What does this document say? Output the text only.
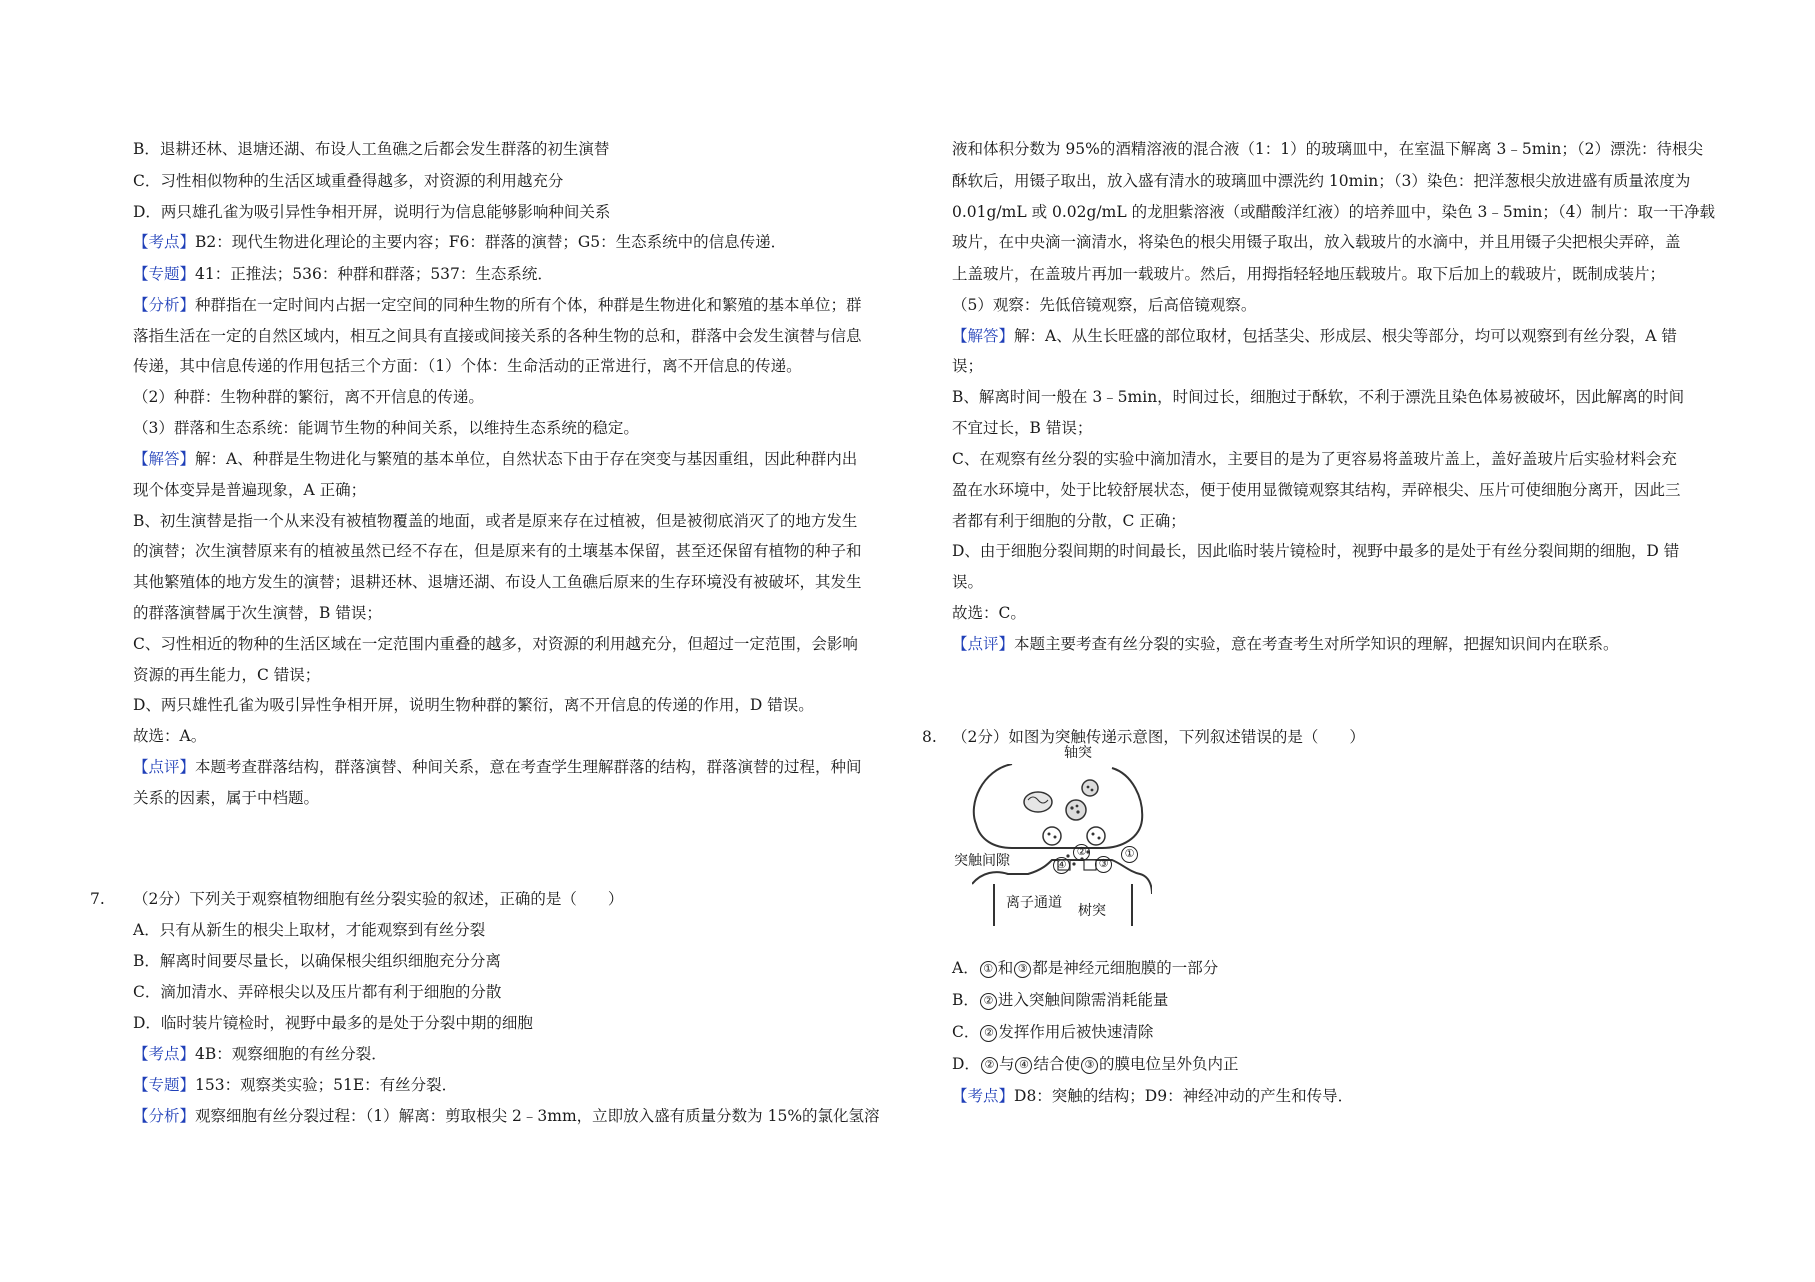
B．退耕还林、退塘还湖、布设人工鱼礁之后都会发生群落的初生演替
C．习性相似物种的生活区域重叠得越多，对资源的利用越充分
D．两只雄孔雀为吸引异性争相开屏，说明行为信息能够影响种间关系
【考点】B2：现代生物进化理论的主要内容；F6：群落的演替；G5：生态系统中的信息传递．
【专题】41：正推法；536：种群和群落；537：生态系统．
【分析】种群指在一定时间内占据一定空间的同种生物的所有个体，种群是生物进化和繁殖的基本单位；群
落指生活在一定的自然区域内，相互之间具有直接或间接关系的各种生物的总和，群落中会发生演替与信息
传递，其中信息传递的作用包括三个方面：（1）个体：生命活动的正常进行，离不开信息的传递。
（2）种群：生物种群的繁衍，离不开信息的传递。
（3）群落和生态系统：能调节生物的种间关系，以维持生态系统的稳定。
【解答】解：A、种群是生物进化与繁殖的基本单位，自然状态下由于存在突变与基因重组，因此种群内出
现个体变异是普遍现象，A 正确；
B、初生演替是指一个从来没有被植物覆盖的地面，或者是原来存在过植被，但是被彻底消灭了的地方发生
的演替；次生演替原来有的植被虽然已经不存在，但是原来有的土壤基本保留，甚至还保留有植物的种子和
其他繁殖体的地方发生的演替；退耕还林、退塘还湖、布设人工鱼礁后原来的生存环境没有被破坏，其发生
的群落演替属于次生演替，B 错误；
C、习性相近的物种的生活区域在一定范围内重叠的越多，对资源的利用越充分，但超过一定范围，会影响
资源的再生能力，C 错误；
D、两只雄性孔雀为吸引异性争相开屏，说明生物种群的繁衍，离不开信息的传递的作用，D 错误。
故选：A。
【点评】本题考查群落结构，群落演替、种间关系，意在考查学生理解群落的结构，群落演替的过程，种间
关系的因素，属于中档题。
7. （2分）下列关于观察植物细胞有丝分裂实验的叙述，正确的是（　　）
A．只有从新生的根尖上取材，才能观察到有丝分裂
B．解离时间要尽量长，以确保根尖组织细胞充分分离
C．滴加清水、弄碎根尖以及压片都有利于细胞的分散
D．临时装片镜检时，视野中最多的是处于分裂中期的细胞
【考点】4B：观察细胞的有丝分裂．
【专题】153：观察类实验；51E：有丝分裂．
【分析】观察细胞有丝分裂过程：（1）解离：剪取根尖 2﹣3mm，立即放入盛有质量分数为 15%的氯化氢溶
液和体积分数为 95%的酒精溶液的混合液（1：1）的玻璃皿中，在室温下解离 3﹣5min；（2）漂洗：待根尖
酥软后，用镊子取出，放入盛有清水的玻璃皿中漂洗约 10min；（3）染色：把洋葱根尖放进盛有质量浓度为
0.01g/mL 或 0.02g/mL 的龙胆紫溶液（或醋酸洋红液）的培养皿中，染色 3﹣5min；（4）制片：取一干净载
玻片，在中央滴一滴清水，将染色的根尖用镊子取出，放入载玻片的水滴中，并且用镊子尖把根尖弄碎，盖
上盖玻片，在盖玻片再加一载玻片。然后，用拇指轻轻地压载玻片。取下后加上的载玻片，既制成装片；
（5）观察：先低倍镜观察，后高倍镜观察。
【解答】解：A、从生长旺盛的部位取材，包括茎尖、形成层、根尖等部分，均可以观察到有丝分裂，A 错
误；
B、解离时间一般在 3﹣5min，时间过长，细胞过于酥软，不利于漂洗且染色体易被破坏，因此解离的时间
不宜过长，B 错误；
C、在观察有丝分裂的实验中滴加清水，主要目的是为了更容易将盖玻片盖上，盖好盖玻片后实验材料会充
盈在水环境中，处于比较舒展状态，便于使用显微镜观察其结构，弄碎根尖、压片可使细胞分离开，因此三
者都有利于细胞的分散，C 正确；
D、由于细胞分裂间期的时间最长，因此临时装片镜检时，视野中最多的是处于有丝分裂间期的细胞，D 错
误。
故选：C。
【点评】本题主要考查有丝分裂的实验，意在考查考生对所学知识的理解，把握知识间内在联系。
8. （2分）如图为突触传递示意图，下列叙述错误的是（　　）
轴突
突触间隙
离子通道 树突
②
④	③
①
A． ① 和 ③ 都是神经元细胞膜的一部分
B． ② 进入突触间隙需消耗能量
C． ② 发挥作用后被快速清除
D． ② 与 ④ 结合使 ③ 的膜电位呈外负内正
【考点】D8：突触的结构；D9：神经冲动的产生和传导．
